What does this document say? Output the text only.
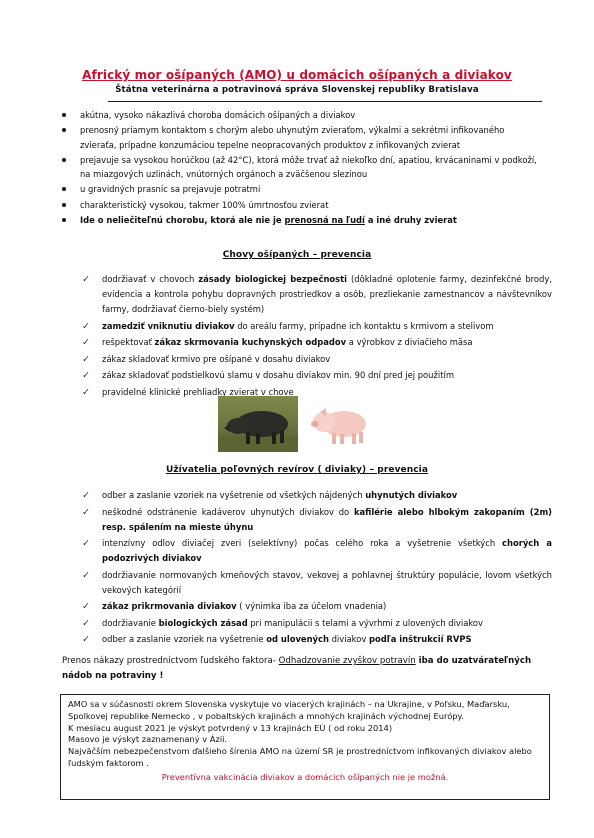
Africký mor ošípaných (AMO) u domácich ošípaných a diviakov
Štátna veterinárna a potravinová správa Slovenskej republiky Bratislava
akútna, vysoko nákazlivá choroba domácich ošípaných a diviakov
prenosný priamym kontaktom s chorým alebo uhynutým zvieraťom, výkalmi a sekrétmi infikovaného zvieraťa, prípadne konzumáciou tepelne neopracovaných produktov z infikovaných zvierat
prejavuje sa vysokou horúčkou (až 42°C), ktorá môže trvať až niekoľko dní, apatiou, krvácaninami v podkoží, na miazgových uzlinách, vnútorných orgánoch a zväčšenou slezinou
u gravidných prasníc sa prejavuje potratmi
charakteristický vysokou, takmer 100% úmrtnosťou zvierat
Ide o neliečiteľnú chorobu, ktorá ale nie je prenosná na ľudí a iné druhy zvierat
Chovy ošípaných – prevencia
✓ dodržiavať v chovoch zásady biologickej bezpečnosti (dôkladné oplotenie farmy, dezinfekčné brody, evidencia a kontrola pohybu dopravných prostriedkov a osôb, prezliekanie zamestnancov a návštevníkov farmy, dodržiavať čierno-biely systém)
✓ zamedziť vniknutiu diviakov do areálu farmy, prípadne ich kontaktu s krmivom a stelivom
✓ rešpektovať zákaz skrmovania kuchynských odpadov a výrobkov z diviačieho mäsa
✓ zákaz skladovať krmivo pre ošípané v dosahu diviakov
✓ zákaz skladovať podstielkovú slamu v dosahu diviakov min. 90 dní pred jej použitím
✓ pravidelné klinické prehliadky zvierat v chove
Užívatelia poľovných revírov ( diviaky) – prevencia
✓ odber a zaslanie vzoriek na vyšetrenie od všetkých nájdených uhynutých diviakov
✓ neškodné odstránenie kadáverov uhynutých diviakov do kafilérie alebo hlbokým zakopaním (2m) resp. spálením na mieste úhynu
✓ intenzívny odlov diviačej zveri (selektívny) počas celého roka a vyšetrenie všetkých chorých a podozrivých diviakov
✓ dodržiavanie normovaných kmeňových stavov, vekovej a pohlavnej štruktúry populácie, lovom všetkých vekových kategórií
✓ zákaz prikrmovania diviakov ( výnimka iba za účelom vnadenia)
✓ dodržiavanie biologických zásad pri manipulácii s telami a vývrhmi z ulovených diviakov
✓ odber a zaslanie vzoriek na vyšetrenie od ulovených diviakov podľa inštrukcií RVPS
Prenos nákazy prostredníctvom ľudského faktora- Odhadzovanie zvyškov potravín iba do uzatvárateľných nádob na potraviny !

AMO sa v súčasnosti okrem Slovenska vyskytuje vo viacerých krajinách – na Ukrajine, v Poľsku, Maďarsku, Spolkovej republike Nemecko , v pobaltských krajinách a mnohých krajinách východnej Európy.

K mesiacu august 2021 je výskyt potvrdený v 13 krajinách EÚ ( od roku 2014)

Masovo je výskyt zaznamenaný v Ázii.

Najväčším nebezpečenstvom ďalšieho šírenia AMO na území SR je prostredníctvom infikovaných diviakov alebo ľudským faktorom .

Preventívna vakcinácia diviakov a domácich ošípaných nie je možná.
